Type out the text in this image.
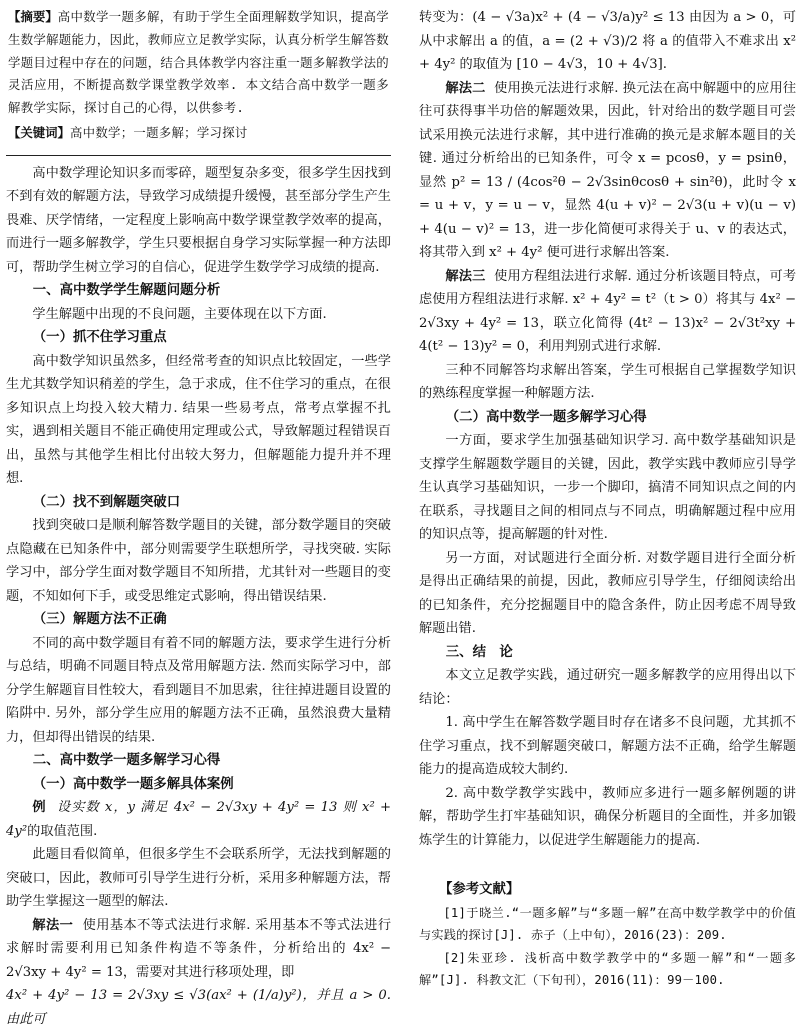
【摘要】高中数学一题多解，有助于学生全面理解数学知识，提高学生数学解题能力，因此，教师应立足教学实际，认真分析学生解答数学题目过程中存在的问题，结合具体教学内容注重一题多解教学法的灵活应用，不断提高数学课堂教学效率. 本文结合高中数学一题多解教学实际，探讨自己的心得，以供参考.
【关键词】高中数学；一题多解；学习探讨

高中数学理论知识多而零碎，题型复杂多变，很多学生因找到不到有效的解题方法，导致学习成绩提升缓慢，甚至部分学生产生畏难、厌学情绪，一定程度上影响高中数学课堂教学效率的提高，而进行一题多解教学，学生只要根据自身学习实际掌握一种方法即可，帮助学生树立学习的自信心，促进学生数学学习成绩的提高.

一、高中数学学生解题问题分析

学生解题中出现的不良问题，主要体现在以下方面.

（一）抓不住学习重点

高中数学知识虽然多，但经常考查的知识点比较固定，一些学生尤其数学知识稍差的学生，急于求成，住不住学习的重点，在很多知识点上均投入较大精力. 结果一些易考点，常考点掌握不扎实，遇到相关题目不能正确使用定理或公式，导致解题过程错误百出，虽然与其他学生相比付出较大努力，但解题能力提升并不理想.

（二）找不到解题突破口

找到突破口是顺利解答数学题目的关键，部分数学题目的突破点隐藏在已知条件中，部分则需要学生联想所学，寻找突破. 实际学习中，部分学生面对数学题目不知所措，尤其针对一些题目的变题，不知如何下手，或受思维定式影响，得出错误结果.

（三）解题方法不正确

不同的高中数学题目有着不同的解题方法，要求学生进行分析与总结，明确不同题目特点及常用解题方法. 然而实际学习中，部分学生解题盲目性较大，看到题目不加思索，往往掉进题目设置的陷阱中. 另外，部分学生应用的解题方法不正确，虽然浪费大量精力，但却得出错误的结果.

二、高中数学一题多解学习心得
（一）高中数学一题多解具体案例

例 设实数 x，y 满足 4x² − 2√3xy + 4y² = 13 则 x² + 4y²的取值范围.

此题目看似简单，但很多学生不会联系所学，无法找到解题的突破口，因此，教师可引导学生进行分析，采用多种解题方法，帮助学生掌握这一题型的解法.

解法一 使用基本不等式法进行求解. 采用基本不等式法进行求解时需要利用已知条件构造不等条件，分析给出的 4x² − 2√3xy + 4y² = 13，需要对其进行移项处理，即

4x² + 4y² − 13 = 2√3xy ≤ √3(ax² + (1/a)y²)，并且 a > 0. 由此可

转变为：(4 − √3a)x² + (4 − √3/a)y² ≤ 13 由因为 a > 0，可从中求解出 a 的值，a = (2 + √3)/2 将 a 的值带入不难求出 x² + 4y² 的取值为 [10 − 4√3，10 + 4√3].

解法二 使用换元法进行求解. 换元法在高中解题中的应用往往可获得事半功倍的解题效果，因此，针对给出的数学题目可尝试采用换元法进行求解，其中进行准确的换元是求解本题目的关键. 通过分析给出的已知条件，可令 x = pcosθ，y = psinθ，显然 p² = 13 / (4cos²θ − 2√3sinθcosθ + sin²θ)，此时令 x = u + v，y = u − v，显然 4(u + v)² − 2√3(u + v)(u − v) + 4(u − v)² = 13，进一步化简便可求得关于 u、v 的表达式，将其带入到 x² + 4y² 便可进行求解出答案.

解法三 使用方程组法进行求解. 通过分析该题目特点，可考虑使用方程组法进行求解. x² + 4y² = t²（t > 0）将其与 4x² − 2√3xy + 4y² = 13，联立化简得 (4t² − 13)x² − 2√3t²xy + 4(t² − 13)y² = 0，利用判别式进行求解.

三种不同解答均求解出答案，学生可根据自己掌握数学知识的熟练程度掌握一种解题方法.

（二）高中数学一题多解学习心得

一方面，要求学生加强基础知识学习. 高中数学基础知识是支撑学生解题数学题目的关键，因此，教学实践中教师应引导学生认真学习基础知识，一步一个脚印，搞清不同知识点之间的内在联系，寻找题目之间的相同点与不同点，明确解题过程中应用的知识点等，提高解题的针对性.

另一方面，对试题进行全面分析. 对数学题目进行全面分析是得出正确结果的前提，因此，教师应引导学生，仔细阅读给出的已知条件，充分挖掘题目中的隐含条件，防止因考虑不周导致解题出错.

三、结　论

本文立足教学实践，通过研究一题多解教学的应用得出以下结论：

1. 高中学生在解答数学题目时存在诸多不良问题，尤其抓不住学习重点，找不到解题突破口，解题方法不正确，给学生解题能力的提高造成较大制约.

2. 高中数学教学实践中，教师应多进行一题多解例题的讲解，帮助学生打牢基础知识，确保分析题目的全面性，并多加锻炼学生的计算能力，以促进学生解题能力的提高.

【参考文献】

[1]于晓兰.“一题多解”与“多题一解”在高中数学教学中的价值与实践的探讨[J]. 赤子（上中旬），2016(23)：209.

[2]朱亚珍. 浅析高中数学教学中的“多题一解”和“一题多解”[J]. 科教文汇（下旬刊），2016(11)：99－100.
